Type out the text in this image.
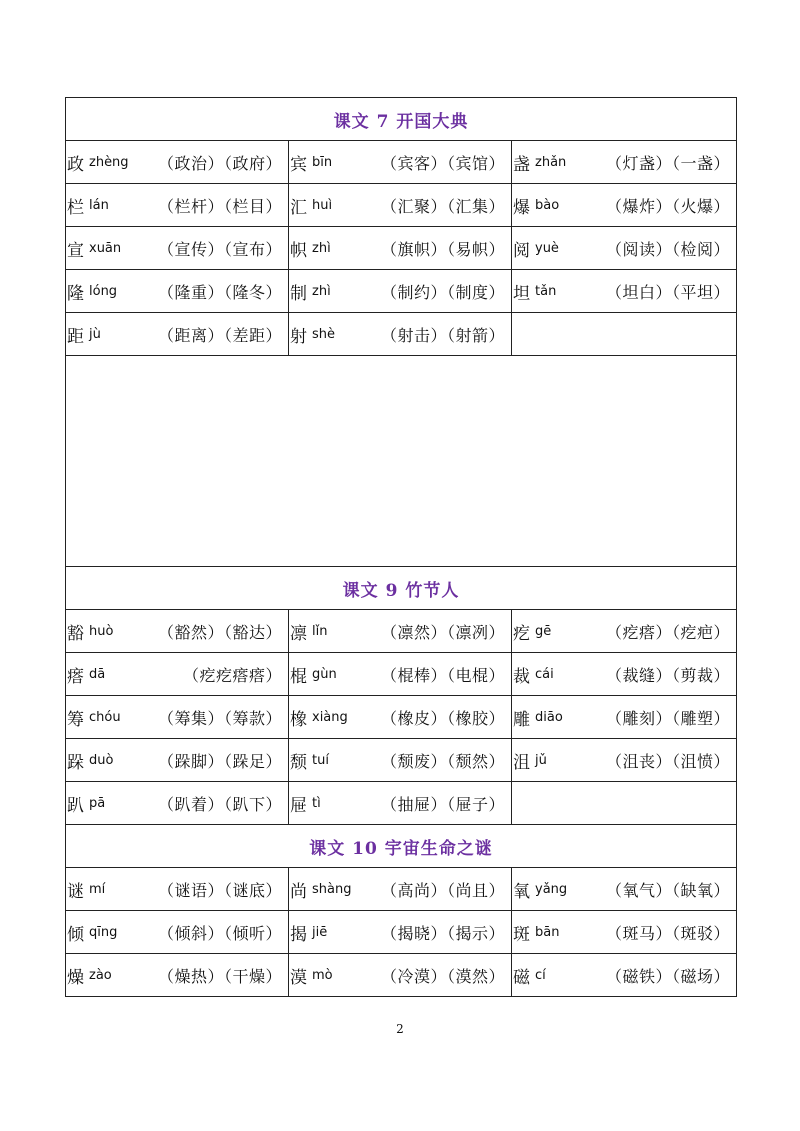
课文 7 开国大典
政 zhèng （政治）（政府） 宾 bīn	（宾客）（宾馆） 盏 zhǎn （灯盏）（一盏）
栏 lán	（栏杆）（栏目） 汇 huì	（汇聚）（汇集） 爆 bào	（爆炸）（火爆）
宣 xuān （宣传）（宣布） 帜 zhì	（旗帜）（易帜） 阅 yuè	（阅读）（检阅）
隆 lóng	（隆重）（隆冬） 制 zhì	（制约）（制度） 坦 tǎn	（坦白）（平坦）
距 jù	（距离）（差距） 射 shè	（射击）（射箭）
课文 9 竹节人
豁 huò	（豁然）（豁达） 凛 lǐn	（凛然）（凛冽） 疙 gē	（疙瘩）（疙疤）
瘩 dā	（疙疙瘩瘩） 棍 gùn	（棍棒）（电棍） 裁 cái	（裁缝）（剪裁）
筹 chóu （筹集）（筹款） 橡 xiàng （橡皮）（橡胶） 雕 diāo	（雕刻）（雕塑）
跺 duò	（跺脚）（跺足） 颓 tuí	（颓废）（颓然） 沮 jǔ	（沮丧）（沮愤）
趴 pā	（趴着）（趴下） 屉 tì	（抽屉）（屉子）
课文 10 宇宙生命之谜
谜 mí	（谜语）（谜底） 尚 shàng （高尚）（尚且） 氧 yǎng （氧气）（缺氧）
倾 qīng	（倾斜）（倾听） 揭 jiē	（揭晓）（揭示） 斑 bān	（斑马）（斑驳）
燥 zào	（燥热）（干燥） 漠 mò	（冷漠）（漠然） 磁 cí	（磁铁）（磁场）
2
